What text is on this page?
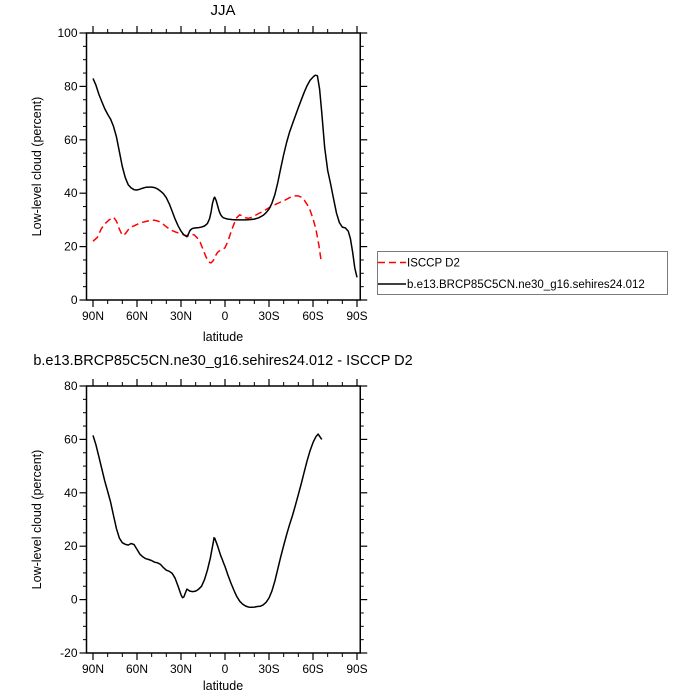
JJA
Low-level cloud (percent)
latitude
b.e13.BRCP85C5CN.ne30_g16.sehires24.012 - ISCCP D2
Low-level cloud (percent)
latitude
90N 60N 30N 0 30S 60S 90S
0
20
40
60
80
100
ISCCP D2
b.e13.BRCP85C5CN.ne30_g16.sehires24.012
90N 60N 30N 0 30S 60S 90S
-20
0
20
40
60
80
